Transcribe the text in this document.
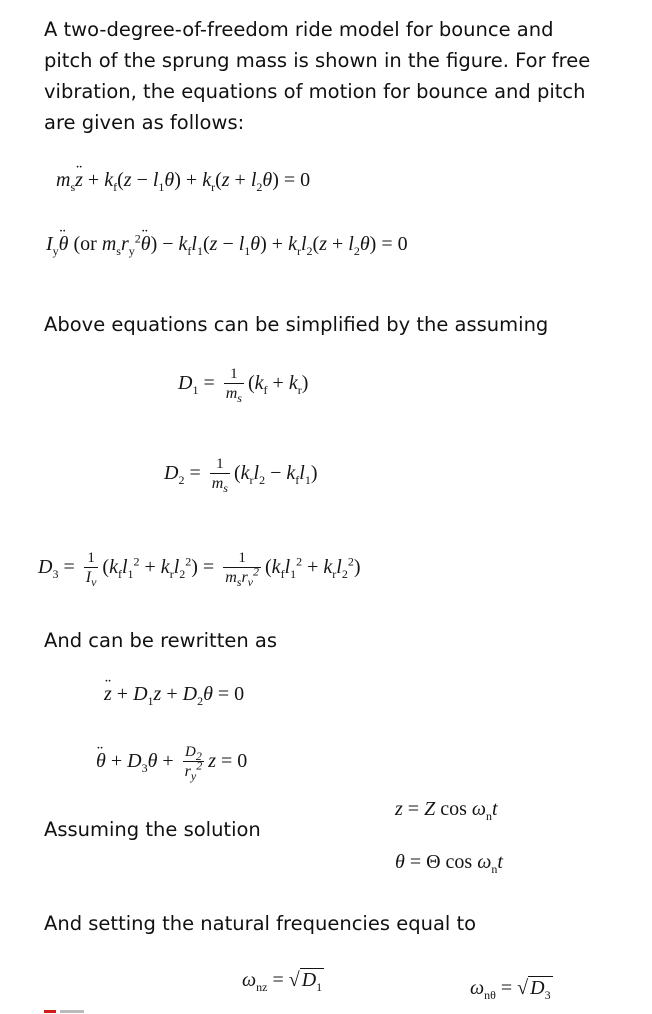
A two-degree-of-freedom ride model for bounce and pitch of the sprung mass is shown in the figure. For free vibration, the equations of motion for bounce and pitch are given as follows:

$m_s¨$ $z + k_f(z - l_1\theta) + k_r(z + l_2\theta) = 0$
$I_y¨$ θ (or $m_sr_y^2¨$ $\theta) - k_fl_1(z - l_1\theta) + k_rl_2(z + l_2\theta) = 0$

Above equations can be simplified by the assuming

$D_1 = \frac{1}{m_s} (k_f + k_r)$
$D_2 = \frac{1}{m_s} (k_rl_2 - k_fl_1)$
$D_3 = \frac{1}{I_v} (k_fl_1^2 + k_rl_2^2) = \frac{1}{m_sr_v^2} (k_fl_1^2 + k_rl_2^2)$

And can be rewritten as

¨ $z + D_1z + D_2\theta = 0$
¨ $\theta + D_3\theta + \frac{D_2}{r_y^2}$ z = 0
z = Z $\cos \omega_nt$

Assuming the solution

θ = Θ $\cos \omega_nt$

And setting the natural frequencies equal to

$\omega_{nz}$ = √ $D_1$	$\omega_{n\theta}$ = √ $D_3$
